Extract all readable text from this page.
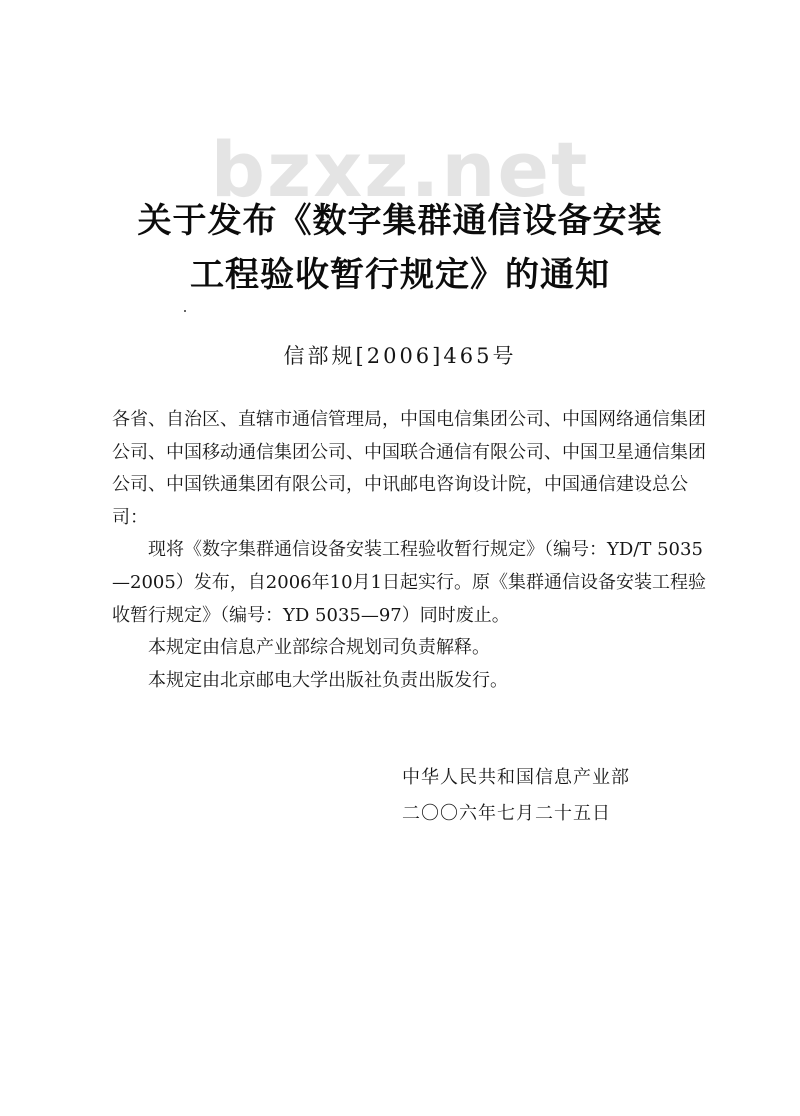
bzxz.net
关于发布《数字集群通信设备安装
工程验收暂行规定》的通知
信部规[2006]465号

各省、自治区、直辖市通信管理局，中国电信集团公司、中国网络通信集团公司、中国移动通信集团公司、中国联合通信有限公司、中国卫星通信集团公司、中国铁通集团有限公司，中讯邮电咨询设计院，中国通信建设总公司：

现将《数字集群通信设备安装工程验收暂行规定》（编号：YD/T 5035—2005）发布，自2006年10月1日起实行。原《集群通信设备安装工程验收暂行规定》（编号：YD 5035—97）同时废止。

本规定由信息产业部综合规划司负责解释。

本规定由北京邮电大学出版社负责出版发行。

中华人民共和国信息产业部
二〇〇六年七月二十五日
